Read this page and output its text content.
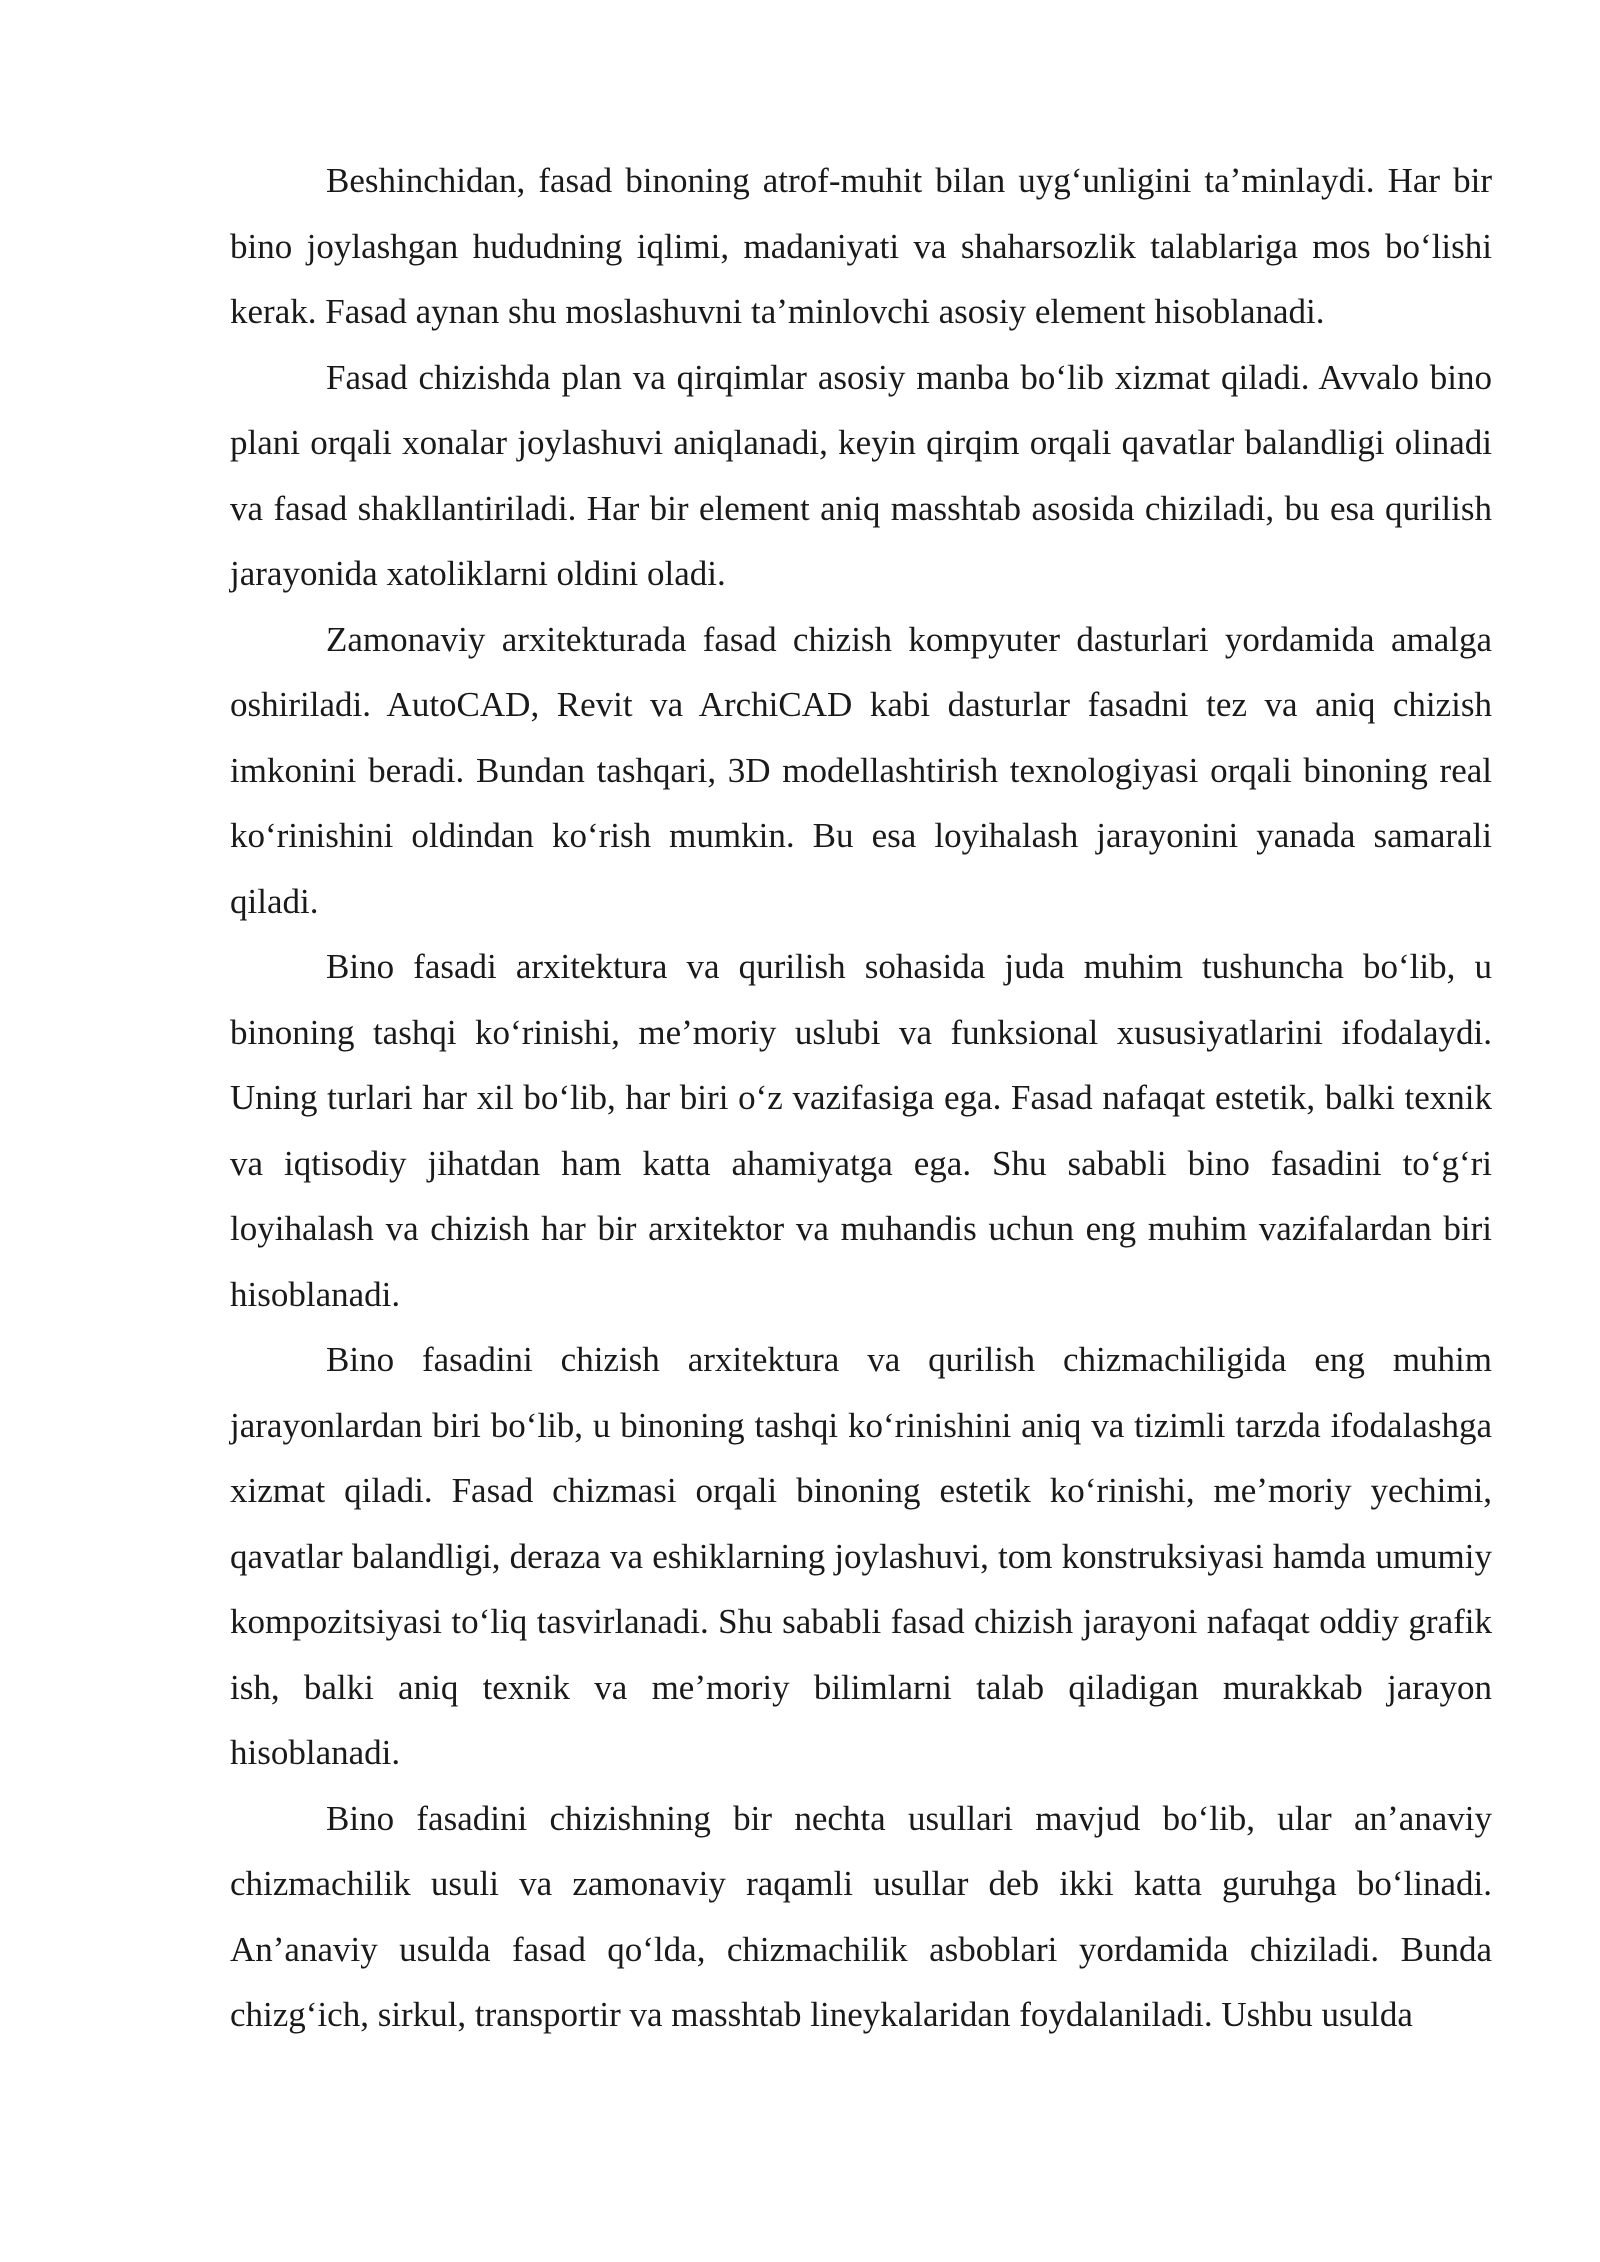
Beshinchidan, fasad binoning atrof-muhit bilan uygʻunligini taʼminlaydi. Har bir bino joylashgan hududning iqlimi, madaniyati va shaharsozlik talablariga mos boʻlishi kerak. Fasad aynan shu moslashuvni taʼminlovchi asosiy element hisoblanadi.

Fasad chizishda plan va qirqimlar asosiy manba boʻlib xizmat qiladi. Avvalo bino plani orqali xonalar joylashuvi aniqlanadi, keyin qirqim orqali qavatlar balandligi olinadi va fasad shakllantiriladi. Har bir element aniq masshtab asosida chiziladi, bu esa qurilish jarayonida xatoliklarni oldini oladi.

Zamonaviy arxitekturada fasad chizish kompyuter dasturlari yordamida amalga oshiriladi. AutoCAD, Revit va ArchiCAD kabi dasturlar fasadni tez va aniq chizish imkonini beradi. Bundan tashqari, 3D modellashtirish texnologiyasi orqali binoning real koʻrinishini oldindan koʻrish mumkin. Bu esa loyihalash jarayonini yanada samarali qiladi.

Bino fasadi arxitektura va qurilish sohasida juda muhim tushuncha boʻlib, u binoning tashqi koʻrinishi, meʼmoriy uslubi va funksional xususiyatlarini ifodalaydi. Uning turlari har xil boʻlib, har biri oʻz vazifasiga ega. Fasad nafaqat estetik, balki texnik va iqtisodiy jihatdan ham katta ahamiyatga ega. Shu sababli bino fasadini toʻgʻri loyihalash va chizish har bir arxitektor va muhandis uchun eng muhim vazifalardan biri hisoblanadi.

Bino fasadini chizish arxitektura va qurilish chizmachiligida eng muhim jarayonlardan biri boʻlib, u binoning tashqi koʻrinishini aniq va tizimli tarzda ifodalashga xizmat qiladi. Fasad chizmasi orqali binoning estetik koʻrinishi, meʼmoriy yechimi, qavatlar balandligi, deraza va eshiklarning joylashuvi, tom konstruksiyasi hamda umumiy kompozitsiyasi toʻliq tasvirlanadi. Shu sababli fasad chizish jarayoni nafaqat oddiy grafik ish, balki aniq texnik va meʼmoriy bilimlarni talab qiladigan murakkab jarayon hisoblanadi.

Bino fasadini chizishning bir nechta usullari mavjud boʻlib, ular anʼanaviy chizmachilik usuli va zamonaviy raqamli usullar deb ikki katta guruhga boʻlinadi. Anʼanaviy usulda fasad qoʻlda, chizmachilik asboblari yordamida chiziladi. Bunda chizgʻich, sirkul, transportir va masshtab lineykalaridan foydalaniladi. Ushbu usulda
